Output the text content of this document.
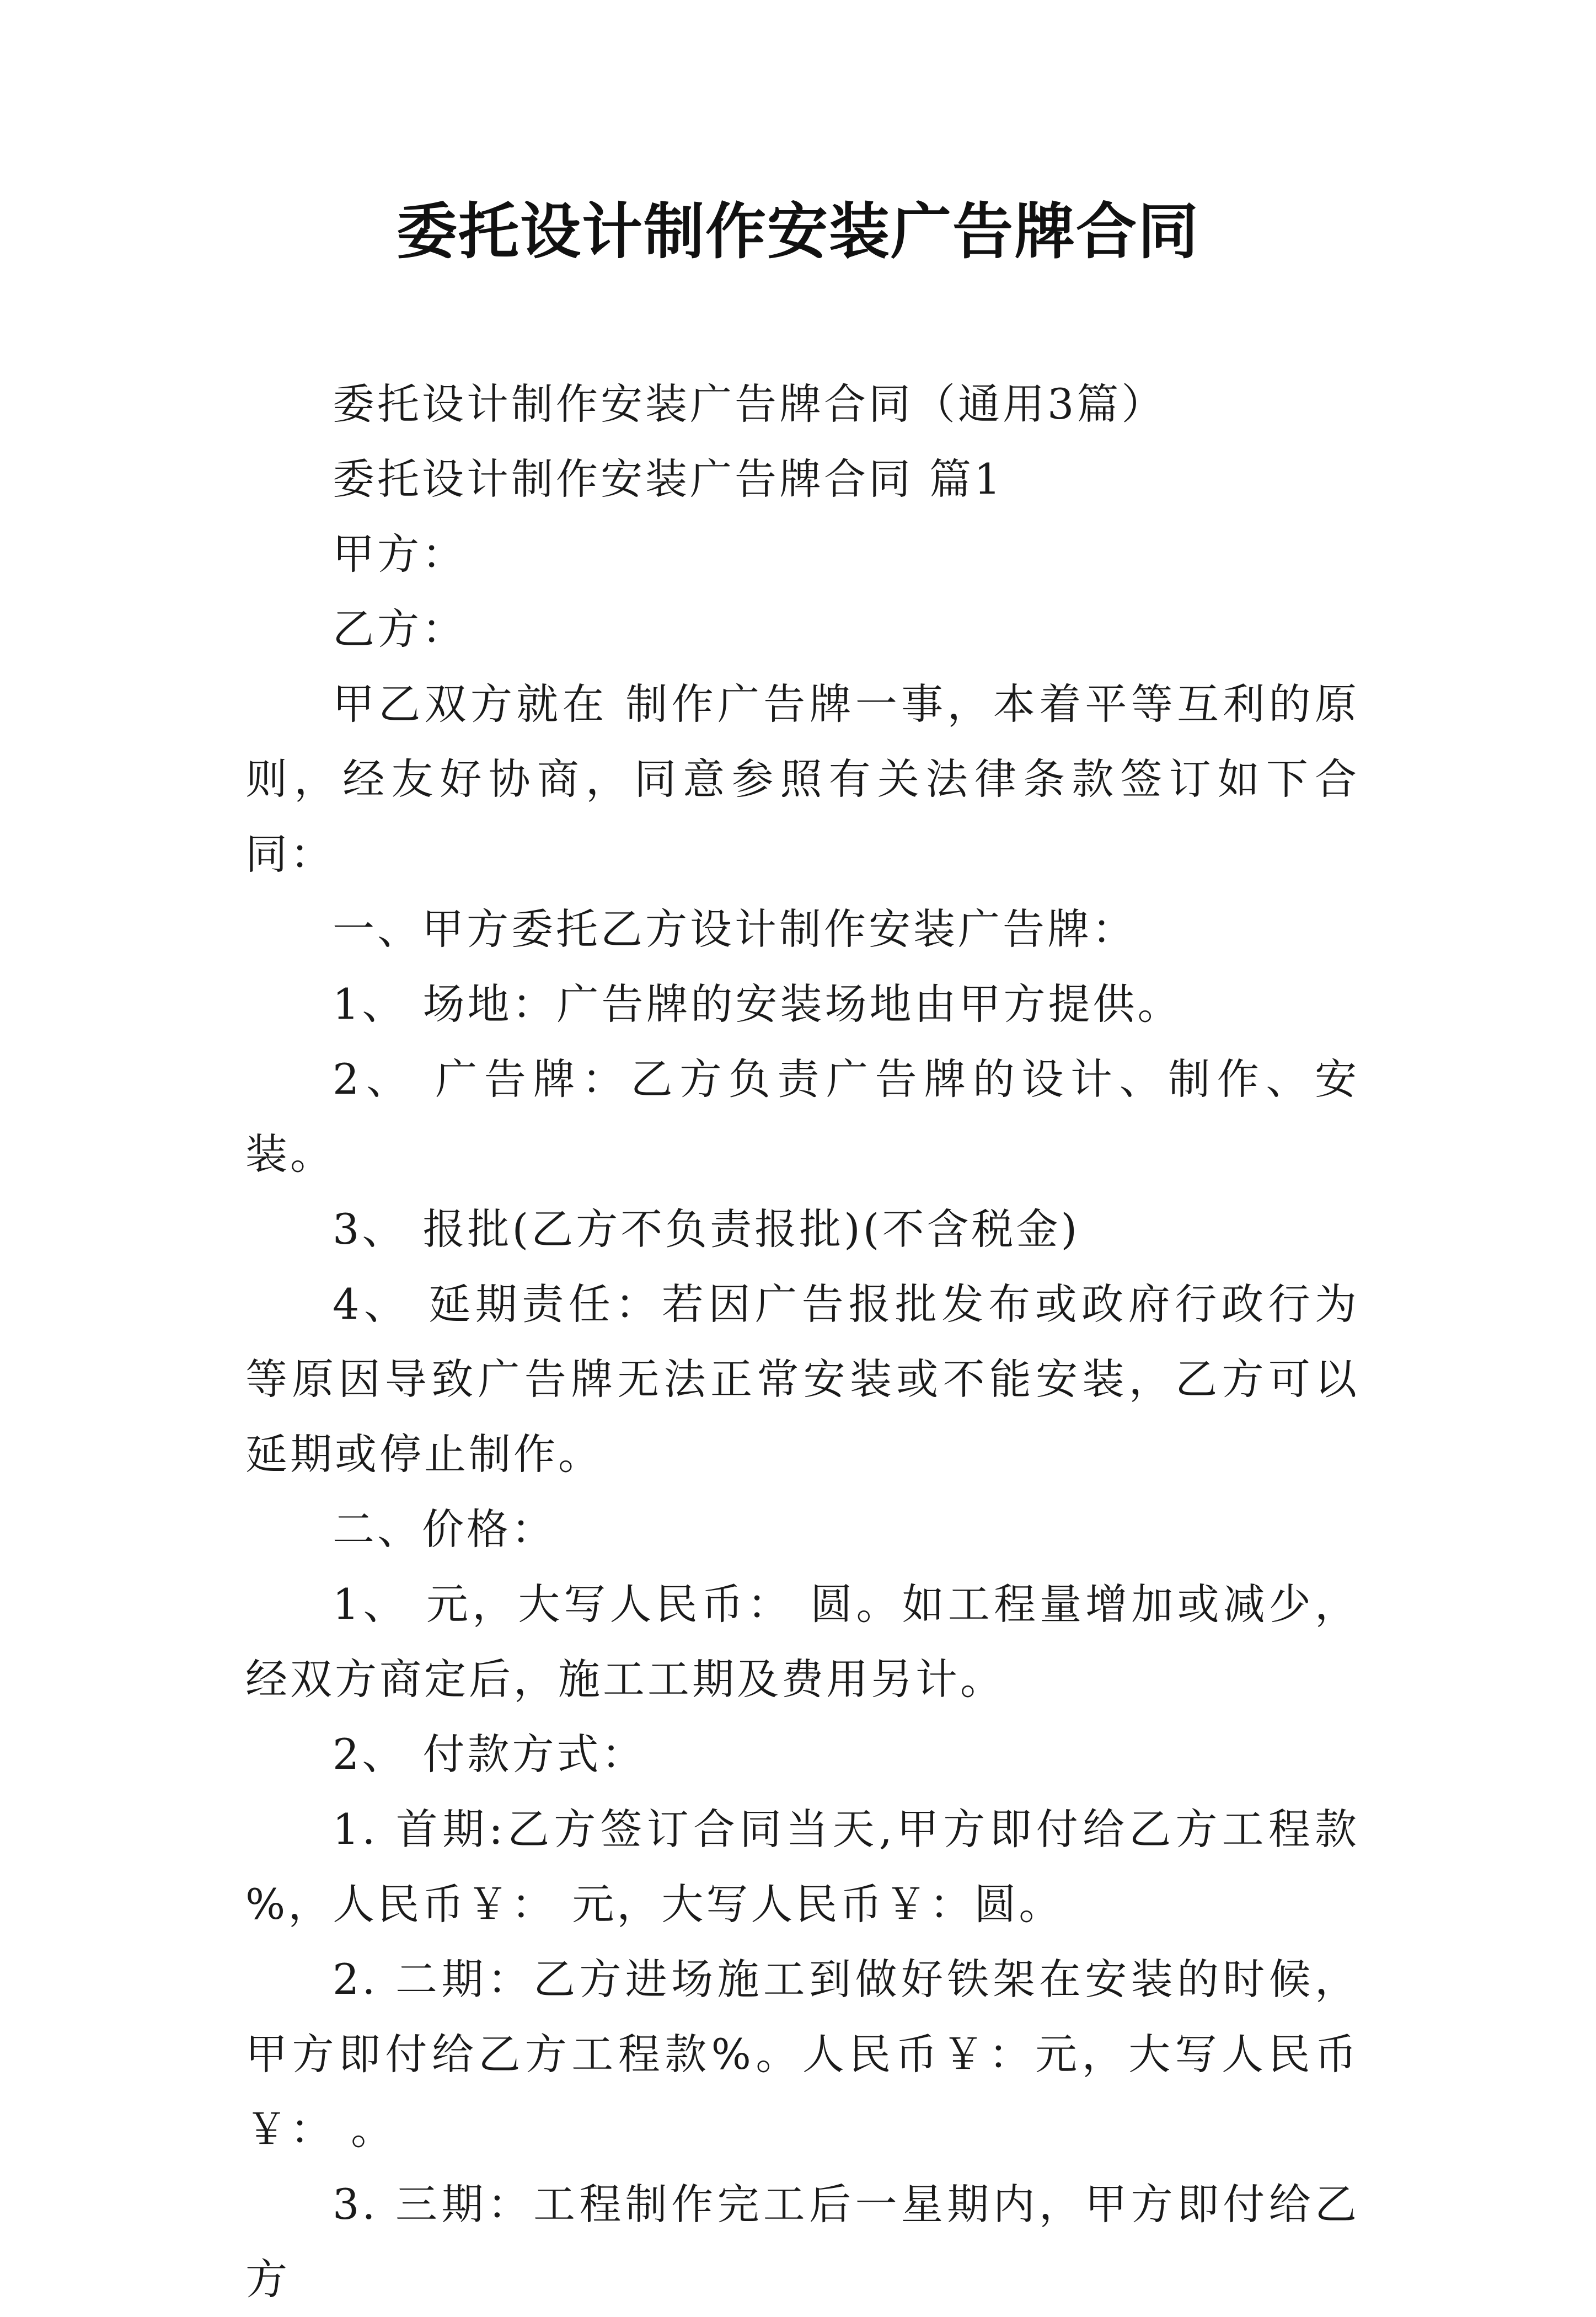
委托设计制作安装广告牌合同

委托设计制作安装广告牌合同（通用3篇）

委托设计制作安装广告牌合同 篇1

甲方：

乙方：

甲乙双方就在 制作广告牌一事，本着平等互利的原则，经友好协商，同意参照有关法律条款签订如下合同：

一、甲方委托乙方设计制作安装广告牌：

1、 场地：广告牌的安装场地由甲方提供。

2、 广告牌：乙方负责广告牌的设计、制作、安装。

3、 报批(乙方不负责报批)(不含税金)

4、 延期责任：若因广告报批发布或政府行政行为等原因导致广告牌无法正常安装或不能安装，乙方可以延期或停止制作。

二、价格：

1、 元，大写人民币： 圆。如工程量增加或减少，经双方商定后，施工工期及费用另计。

2、 付款方式：

1. 首期:乙方签订合同当天,甲方即付给乙方工程款 %，人民币￥： 元，大写人民币￥：圆。

2. 二期：乙方进场施工到做好铁架在安装的时候，甲方即付给乙方工程款%。人民币￥：元，大写人民币￥： 。

3. 三期：工程制作完工后一星期内，甲方即付给乙方
